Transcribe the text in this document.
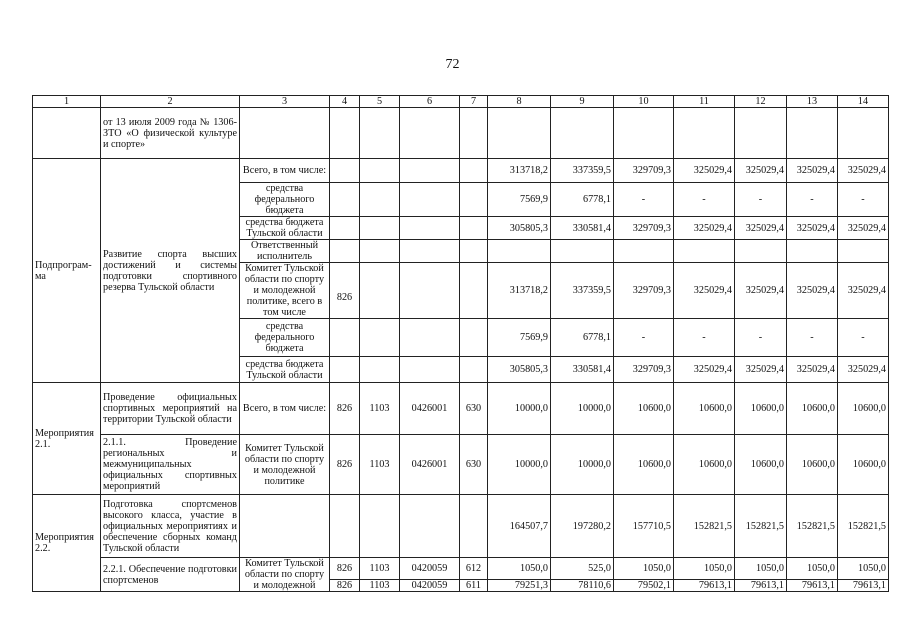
72
1	2	3	4	5	6	7	8	9	10	11	12	13	14
	от 13 июля 2009 года № 1306-ЗТО «О физической культуре и спорте»												
Подпрограм-ма	Развитие спорта высших достижений и системы подготовки спортивного резерва Тульской области	Всего, в том числе:					313718,2	337359,5	329709,3	325029,4	325029,4	325029,4	325029,4
		средства федерального бюджета					7569,9	6778,1	-	-	-	-	-
		средства бюджета Тульской области					305805,3	330581,4	329709,3	325029,4	325029,4	325029,4	325029,4
		Ответственный исполнитель											
		Комитет Тульской области по спорту и молодежной политике, всего в том числе	826				313718,2	337359,5	329709,3	325029,4	325029,4	325029,4	325029,4
		средства федерального бюджета					7569,9	6778,1	-	-	-	-	-
		средства бюджета Тульской области					305805,3	330581,4	329709,3	325029,4	325029,4	325029,4	325029,4
Мероприятия 2.1.	Проведение официальных спортивных мероприятий на территории Тульской области	Всего, в том числе:	826	1103	0426001	630	10000,0	10000,0	10600,0	10600,0	10600,0	10600,0	10600,0
	2.1.1. Проведение региональных и межмуниципальных официальных спортивных мероприятий	Комитет Тульской области по спорту и молодежной политике	826	1103	0426001	630	10000,0	10000,0	10600,0	10600,0	10600,0	10600,0	10600,0
Мероприятия 2.2.	Подготовка спортсменов высокого класса, участие в официальных мероприятиях и обеспечение сборных команд Тульской области						164507,7	197280,2	157710,5	152821,5	152821,5	152821,5	152821,5
	2.2.1. Обеспечение подготовки спортсменов	Комитет Тульской области по спорту и молодежной	826	1103	0420059	612	1050,0	525,0	1050,0	1050,0	1050,0	1050,0	1050,0
			826	1103	0420059	611	79251,3	78110,6	79502,1	79613,1	79613,1	79613,1	79613,1
